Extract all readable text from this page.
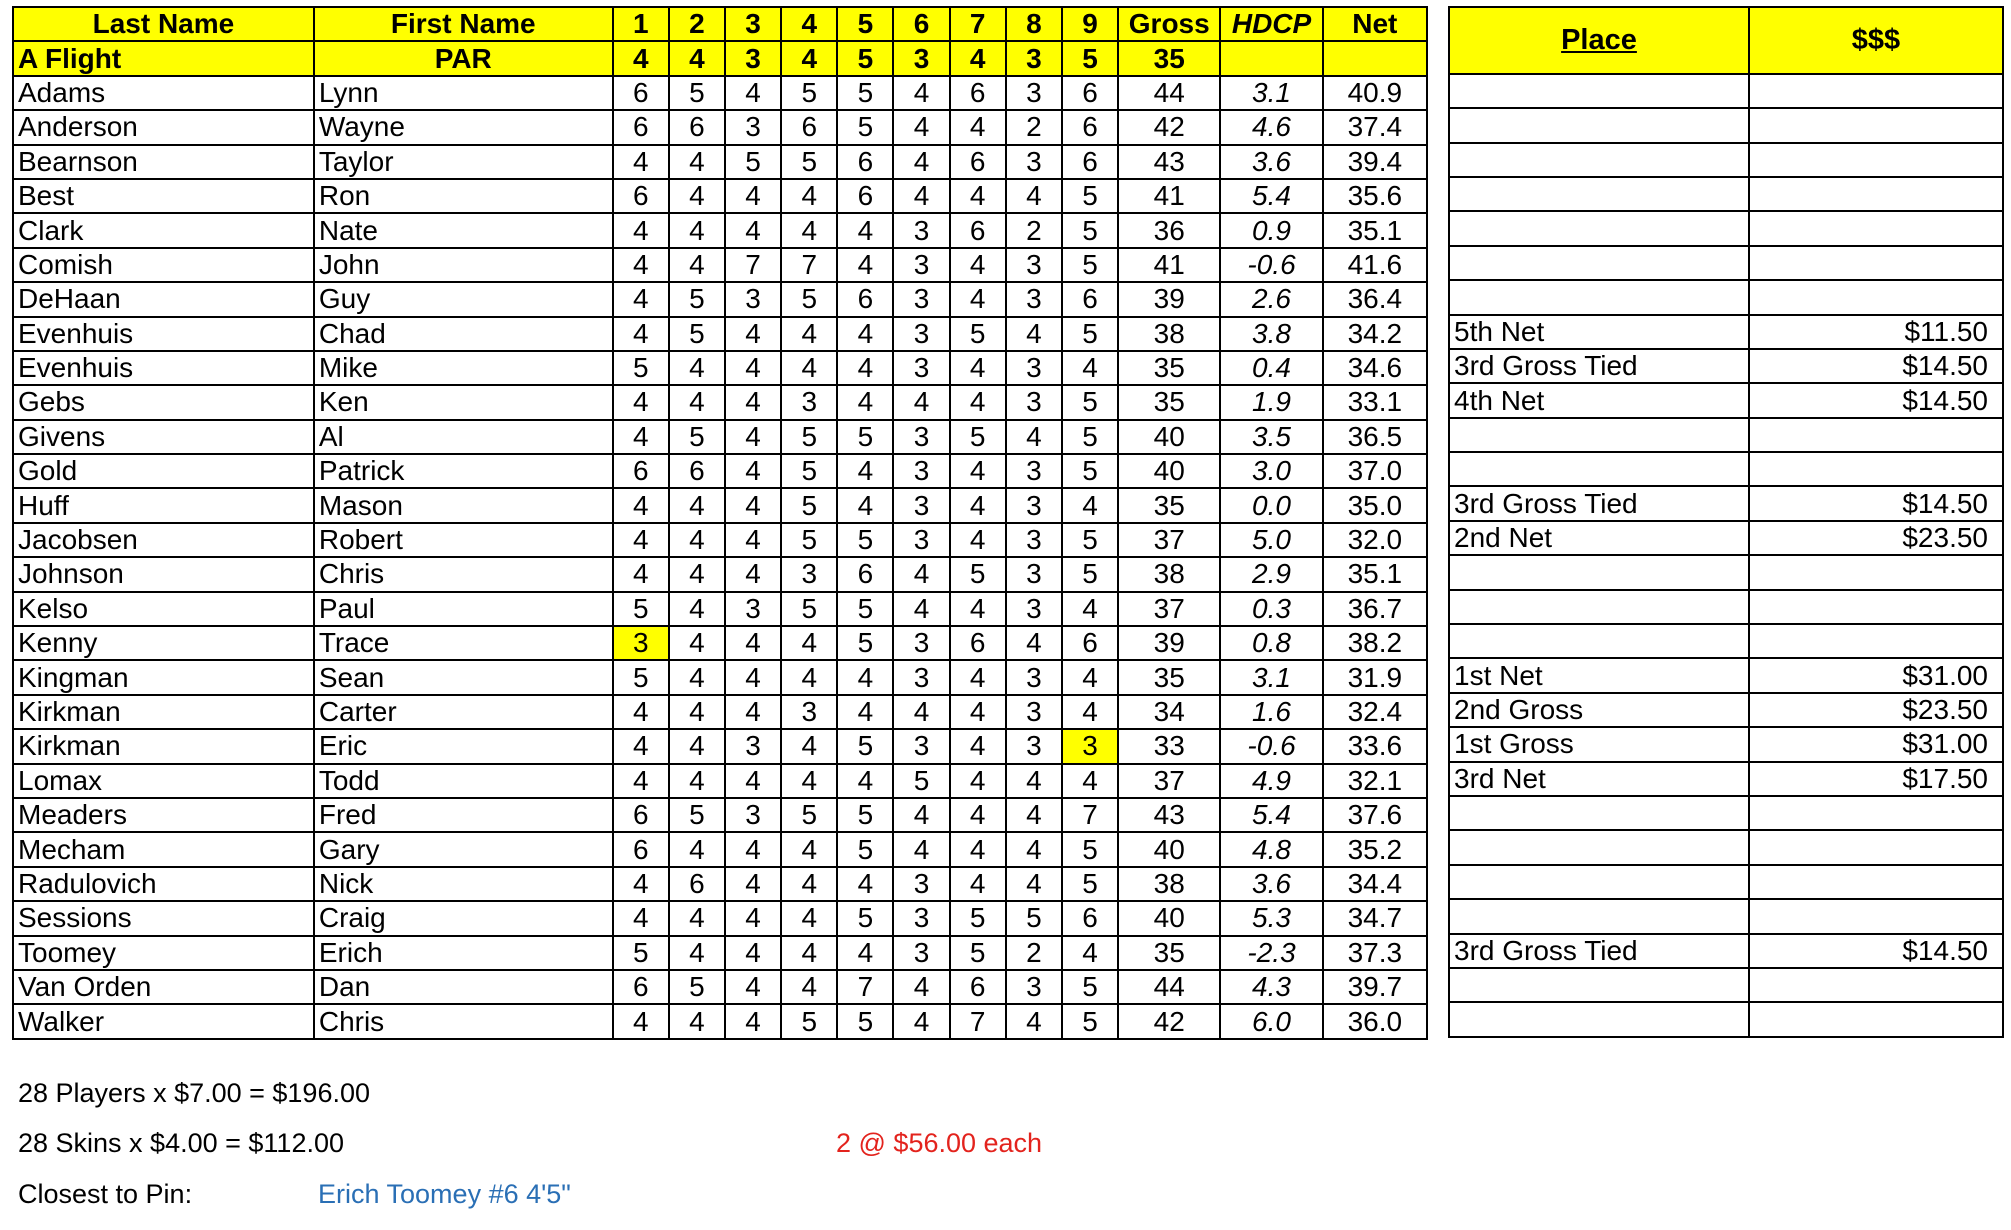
Last Name	First Name	1	2	3	4	5	6	7	8	9	Gross	HDCP	Net
A Flight	PAR	4	4	3	4	5	3	4	3	5	35		
Adams	Lynn	6	5	4	5	5	4	6	3	6	44	3.1	40.9
Anderson	Wayne	6	6	3	6	5	4	4	2	6	42	4.6	37.4
Bearnson	Taylor	4	4	5	5	6	4	6	3	6	43	3.6	39.4
Best	Ron	6	4	4	4	6	4	4	4	5	41	5.4	35.6
Clark	Nate	4	4	4	4	4	3	6	2	5	36	0.9	35.1
Comish	John	4	4	7	7	4	3	4	3	5	41	-0.6	41.6
DeHaan	Guy	4	5	3	5	6	3	4	3	6	39	2.6	36.4
Evenhuis	Chad	4	5	4	4	4	3	5	4	5	38	3.8	34.2
Evenhuis	Mike	5	4	4	4	4	3	4	3	4	35	0.4	34.6
Gebs	Ken	4	4	4	3	4	4	4	3	5	35	1.9	33.1
Givens	Al	4	5	4	5	5	3	5	4	5	40	3.5	36.5
Gold	Patrick	6	6	4	5	4	3	4	3	5	40	3.0	37.0
Huff	Mason	4	4	4	5	4	3	4	3	4	35	0.0	35.0
Jacobsen	Robert	4	4	4	5	5	3	4	3	5	37	5.0	32.0
Johnson	Chris	4	4	4	3	6	4	5	3	5	38	2.9	35.1
Kelso	Paul	5	4	3	5	5	4	4	3	4	37	0.3	36.7
Kenny	Trace	3	4	4	4	5	3	6	4	6	39	0.8	38.2
Kingman	Sean	5	4	4	4	4	3	4	3	4	35	3.1	31.9
Kirkman	Carter	4	4	4	3	4	4	4	3	4	34	1.6	32.4
Kirkman	Eric	4	4	3	4	5	3	4	3	3	33	-0.6	33.6
Lomax	Todd	4	4	4	4	4	5	4	4	4	37	4.9	32.1
Meaders	Fred	6	5	3	5	5	4	4	4	7	43	5.4	37.6
Mecham	Gary	6	4	4	4	5	4	4	4	5	40	4.8	35.2
Radulovich	Nick	4	6	4	4	4	3	4	4	5	38	3.6	34.4
Sessions	Craig	4	4	4	4	5	3	5	5	6	40	5.3	34.7
Toomey	Erich	5	4	4	4	4	3	5	2	4	35	-2.3	37.3
Van Orden	Dan	6	5	4	4	7	4	6	3	5	44	4.3	39.7
Walker	Chris	4	4	4	5	5	4	7	4	5	42	6.0	36.0
Place	$$$

5th Net	$11.50
3rd Gross Tied	$14.50
4th Net	$14.50

3rd Gross Tied	$14.50
2nd Net	$23.50

1st Net	$31.00
2nd Gross	$23.50
1st Gross	$31.00
3rd Net	$17.50

3rd Gross Tied	$14.50

28 Players x $7.00 = $196.00
28 Skins x $4.00 = $112.00	2 @ $56.00 each
Closest to Pin:	Erich Toomey #6 4'5"
